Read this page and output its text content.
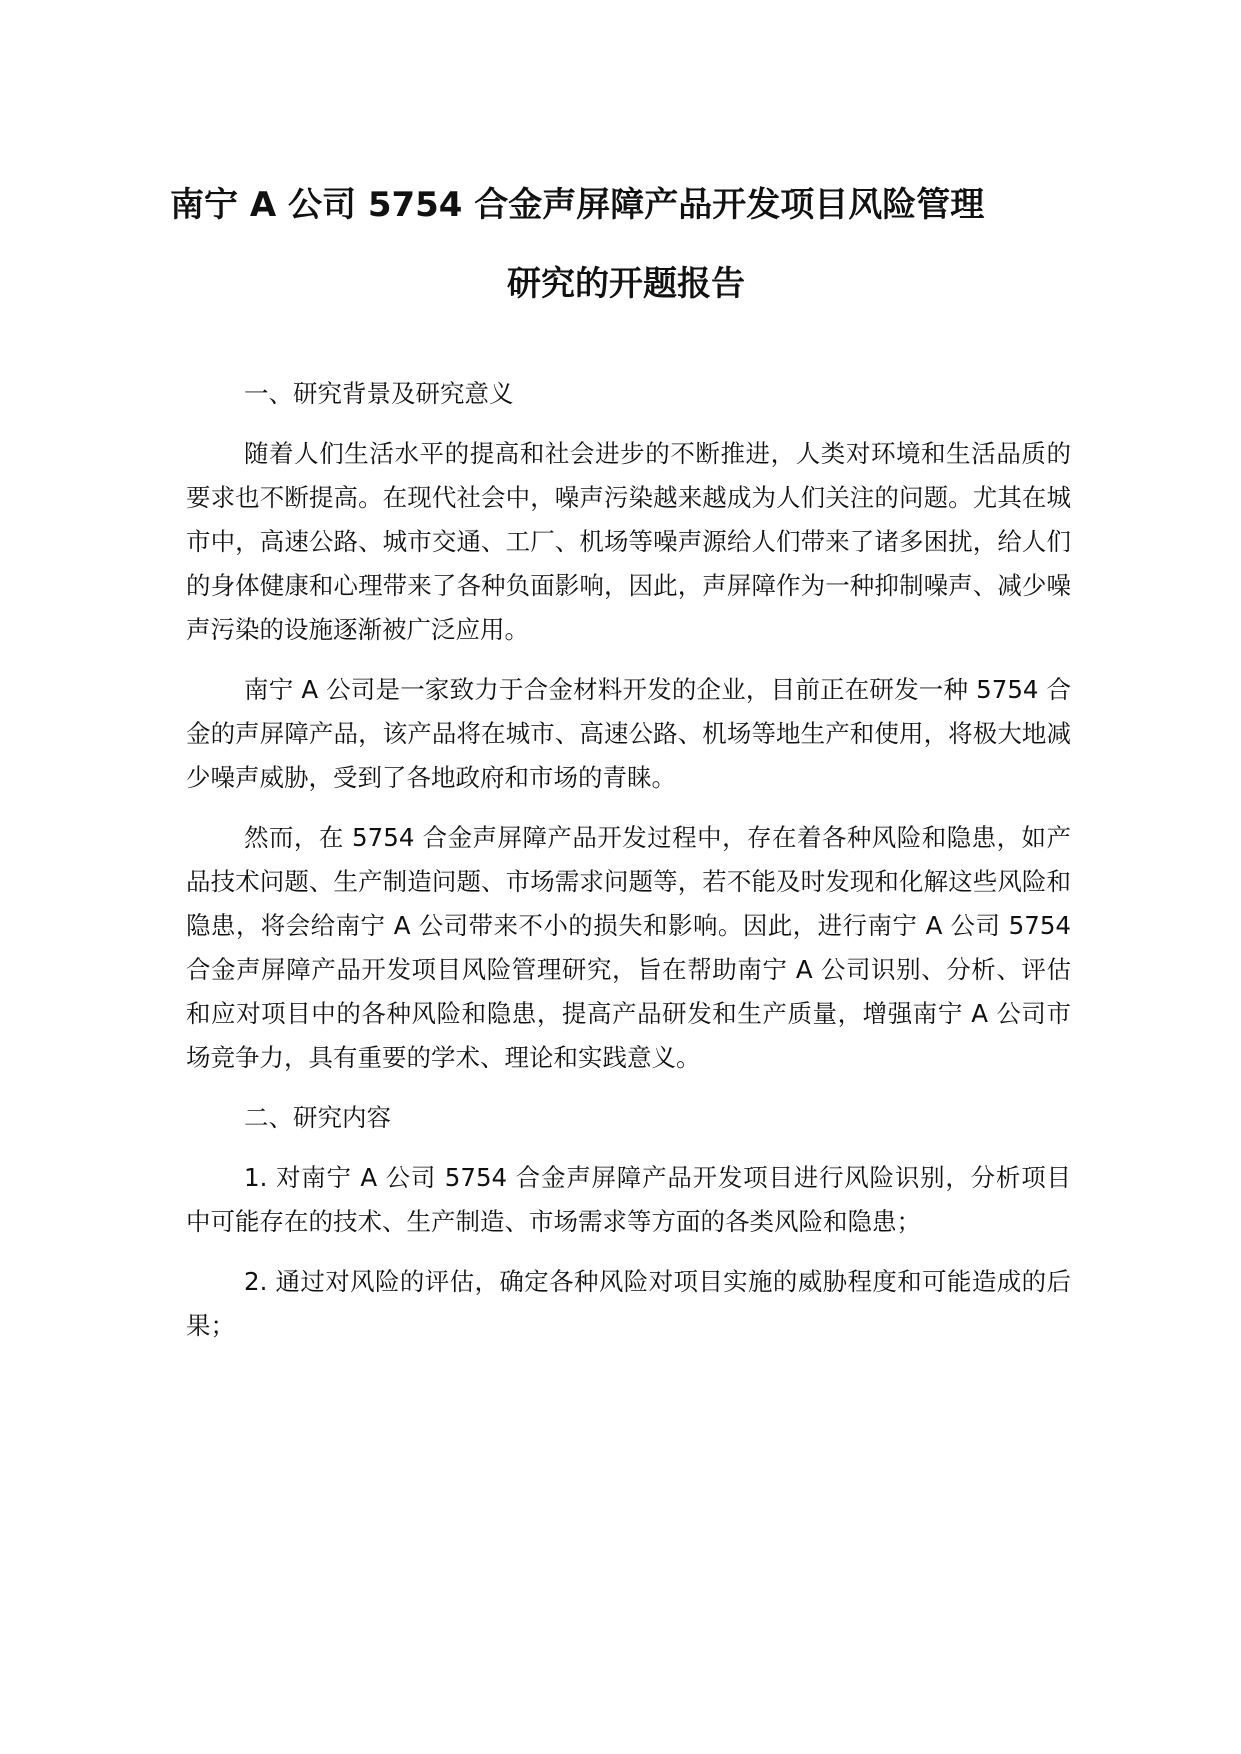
南宁 A 公司 5754 合金声屏障产品开发项目风险管理
研究的开题报告

一、研究背景及研究意义

随着人们生活水平的提高和社会进步的不断推进，人类对环境和生活品质的要求也不断提高。在现代社会中，噪声污染越来越成为人们关注的问题。尤其在城市中，高速公路、城市交通、工厂、机场等噪声源给人们带来了诸多困扰，给人们的身体健康和心理带来了各种负面影响，因此，声屏障作为一种抑制噪声、减少噪声污染的设施逐渐被广泛应用。

南宁 A 公司是一家致力于合金材料开发的企业，目前正在研发一种 5754 合金的声屏障产品，该产品将在城市、高速公路、机场等地生产和使用，将极大地减少噪声威胁，受到了各地政府和市场的青睐。

然而，在 5754 合金声屏障产品开发过程中，存在着各种风险和隐患，如产品技术问题、生产制造问题、市场需求问题等，若不能及时发现和化解这些风险和隐患，将会给南宁 A 公司带来不小的损失和影响。因此，进行南宁 A 公司 5754 合金声屏障产品开发项目风险管理研究，旨在帮助南宁 A 公司识别、分析、评估和应对项目中的各种风险和隐患，提高产品研发和生产质量，增强南宁 A 公司市场竞争力，具有重要的学术、理论和实践意义。

二、研究内容

1. 对南宁 A 公司 5754 合金声屏障产品开发项目进行风险识别，分析项目中可能存在的技术、生产制造、市场需求等方面的各类风险和隐患；

2. 通过对风险的评估，确定各种风险对项目实施的威胁程度和可能造成的后果；
